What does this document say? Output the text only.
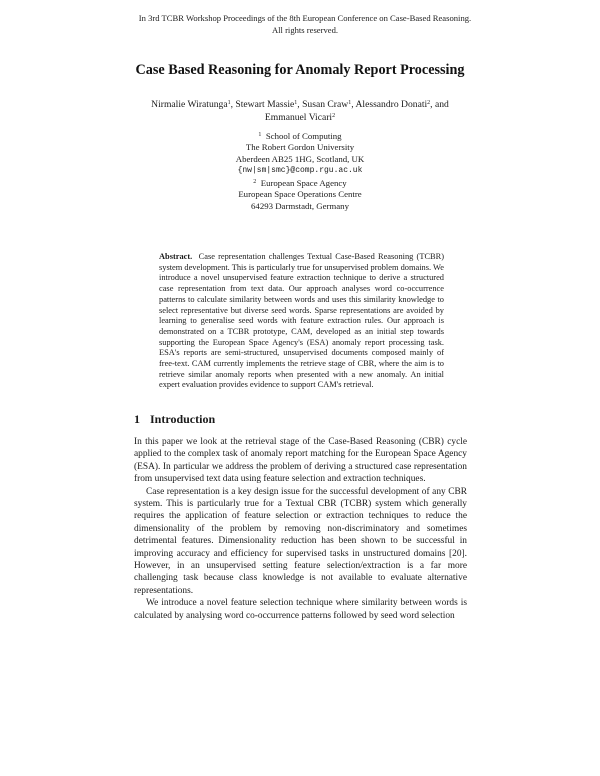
In 3rd TCBR Workshop Proceedings of the 8th European Conference on Case-Based Reasoning.
All rights reserved.
Case Based Reasoning for Anomaly Report Processing
Nirmalie Wiratunga$^1$, Stewart Massie$^1$, Susan Craw$^1$, Alessandro Donati$^2$, and
Emmanuel Vicari$^2$
$^1$ School of Computing
The Robert Gordon University
Aberdeen AB25 1HG, Scotland, UK
{nw|sm|smc}@comp.rgu.ac.uk
$^2$ European Space Agency
European Space Operations Centre
64293 Darmstadt, Germany
Abstract. Case representation challenges Textual Case-Based Reasoning (TCBR) system development. This is particularly true for unsupervised problem domains. We introduce a novel unsupervised feature extraction technique to derive a structured case representation from text data. Our approach analyses word co-occurrence patterns to calculate similarity between words and uses this similarity knowledge to select representative but diverse seed words. Sparse representations are avoided by learning to generalise seed words with feature extraction rules. Our approach is demonstrated on a TCBR prototype, CAM, developed as an initial step towards supporting the European Space Agency's (ESA) anomaly report processing task. ESA's reports are semi-structured, unsupervised documents composed mainly of free-text. CAM currently implements the retrieve stage of CBR, where the aim is to retrieve similar anomaly reports when presented with a new anomaly. An initial expert evaluation provides evidence to support CAM's retrieval.
1 Introduction

In this paper we look at the retrieval stage of the Case-Based Reasoning (CBR) cycle applied to the complex task of anomaly report matching for the European Space Agency (ESA). In particular we address the problem of deriving a structured case representation from unsupervised text data using feature selection and extraction techniques.

Case representation is a key design issue for the successful development of any CBR system. This is particularly true for a Textual CBR (TCBR) system which generally requires the application of feature selection or extraction techniques to reduce the dimensionality of the problem by removing non-discriminatory and sometimes detrimental features. Dimensionality reduction has been shown to be successful in improving accuracy and efficiency for supervised tasks in unstructured domains [20]. However, in an unsupervised setting feature selection/extraction is a far more challenging task because class knowledge is not available to evaluate alternative representations.

We introduce a novel feature selection technique where similarity between words is calculated by analysing word co-occurrence patterns followed by seed word selection
